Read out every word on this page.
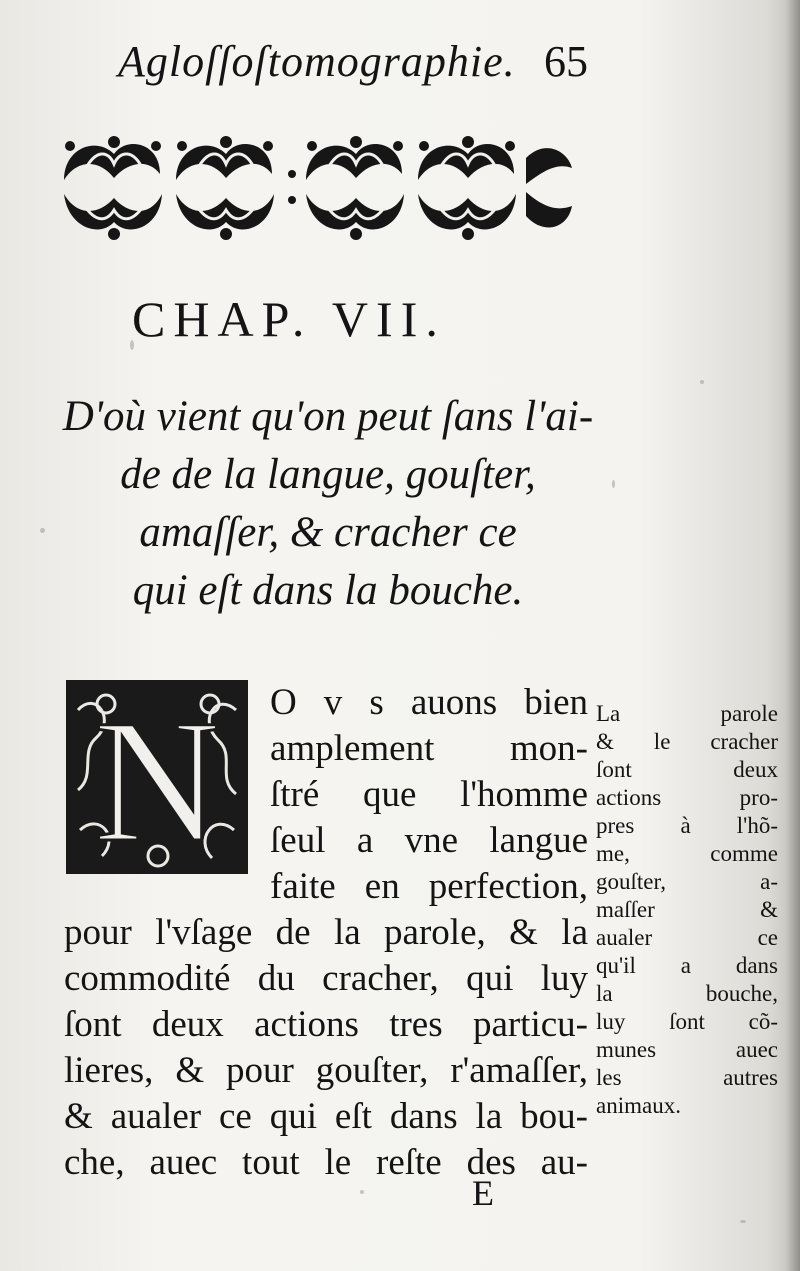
Agloſſoſtomographie. 65
CHAP. VII.
D'où vient qu'on peut ſans l'ai-
de de la langue, gouſter,
amaſſer, & cracher ce
qui eſt dans la bouche.
N O v s auons bien
amplement mon-
ſtré que l'homme
ſeul a vne langue
faite en perfection,
pour l'vſage de la parole, & la
commodité du cracher, qui luy
ſont deux actions tres particu-
lieres, & pour gouſter, r'amaſſer,
& aualer ce qui eſt dans la bou-
che, auec tout le reſte des au-
E
La parole
& le cracher
ſont deux
actions pro-
pres à l'hõ-
me, comme
gouſter, a-
maſſer &
aualer ce
qu'il a dans
la bouche,
luy ſont cõ-
munes auec
les autres
animaux.
